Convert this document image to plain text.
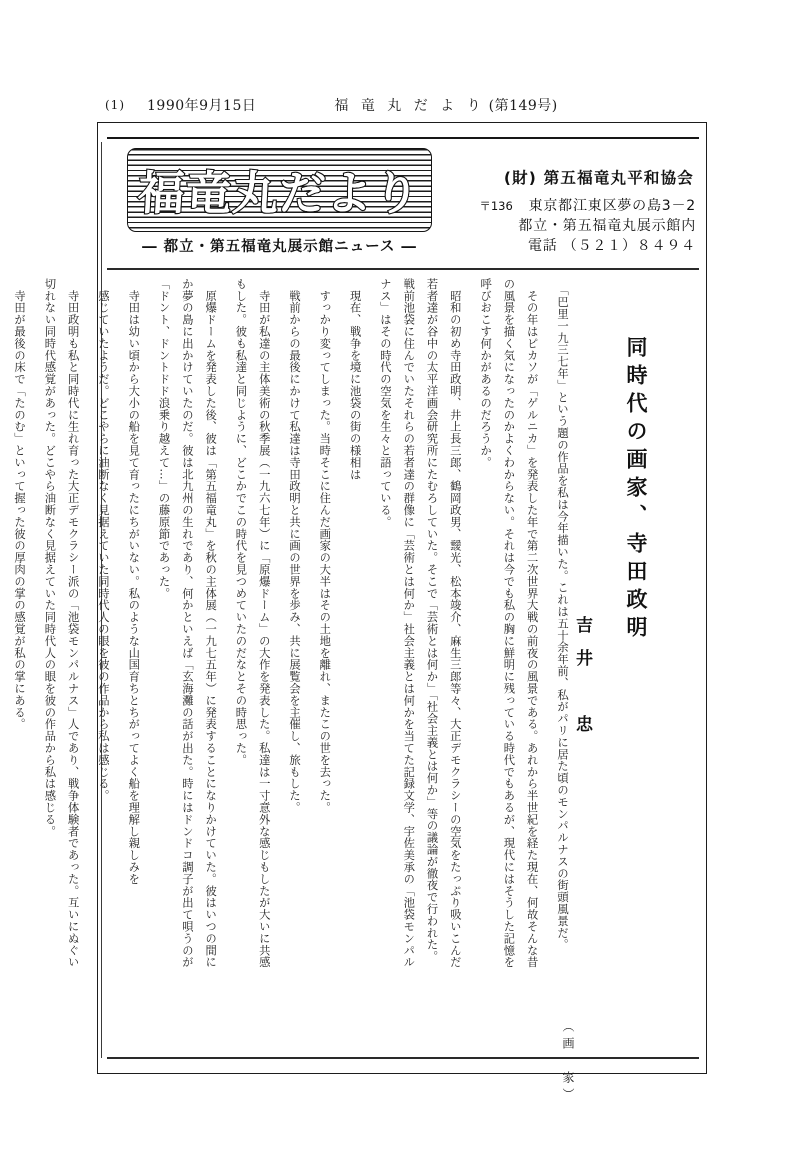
(1) 1990年9月15日	福 竜 丸 だ よ り (第149号)
福竜丸だより
― 都立・第五福竜丸展示館ニュース ―
(財) 第五福竜丸平和協会
〒136 東京都江東区夢の島3－2
都立・第五福竜丸展示館内
電話 （５２１）８４９４
同時代の画家、寺田政明
吉井　忠
　「巴里一九三七年」という題の作品を私は今年描いた。これは五十余年前、私がパリに居た頃のモンパルナスの街頭風景だ。
　その年はピカソが「ゲルニカ」を発表した年で第二次世界大戦の前夜の風景である。あれから半世紀を経た現在、何故そんな昔
の風景を描く気になったのかよくわからない。それは今でも私の胸に鮮明に残っている時代でもあるが、現代にはそうした記憶を
呼びおこす何かがあるのだろうか。
　昭和の初め寺田政明、井上長三郎、鶴岡政男、靉光、松本竣介、麻生三郎等々、大正デモクラシーの空気をたっぷり吸いこんだ
若者達が谷中の太平洋画会研究所にたむろしていた。そこで「芸術とは何か」「社会主義とは何か」等の議論が徹夜で行われた。
戦前池袋に住んでいたそれらの若者達の群像に「芸術とは何か」社会主義とは何かを当てた記録文学、宇佐美承の「池袋モンパル
ナス」はその時代の空気を生々と語っている。
　現在、戦争を境に池袋の街の様相は
　すっかり変ってしまった。当時そこに住んだ画家の大半はその土地を離れ、またこの世を去った。
　戦前からの最後にかけて私達は寺田政明と共に画の世界を歩み、共に展覧会を主催し、旅もした。
　寺田が私達の主体美術の秋季展（一九六七年）に「原爆ドーム」の大作を発表した。私達は一寸意外な感じもしたが大いに共感
もした。彼も私達と同じように、どこかでこの時代を見つめていたのだなとその時思った。
　原爆ドームを発表した後、彼は「第五福竜丸」を秋の主体展（一九七五年）に発表することになりかけていた。彼はいつの間に
か夢の島に出かけていたのだ。彼は北九州の生れであり、何かといえば「玄海灘の話が出た。時にはドンドコ調子が出て唄うのが
「ドント、ドントドド浪乗り越えて…」の藤原節であった。
　寺田は幼い頃から大小の船を見て育ったにちがいない。私のような山国育ちとちがってよく船を理解し親しみを
　感じていたようだ。どこやらに油断なく見据えていた同時代人の眼を彼の作品から私は感じる。
　寺田政明も私と同時代に生れ育った大正デモクラシー派の「池袋モンパルナス」人であり、戦争体験者であった。互いにぬぐい
切れない同時代感覚があった。どこやら油断なく見据えていた同時代人の眼を彼の作品から私は感じる。
　寺田が最後の床で「たのむ」といって握った彼の厚肉の掌の感覚が私の掌にある。
（画　家）
